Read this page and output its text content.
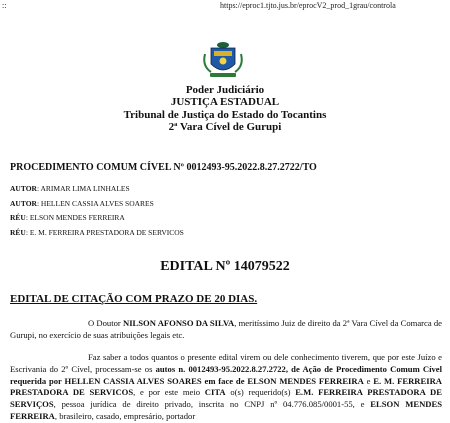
::	https://eproc1.tjto.jus.br/eprocV2_prod_1grau/controla
Poder Judiciário
JUSTIÇA ESTADUAL
Tribunal de Justiça do Estado do Tocantins
2ª Vara Cível de Gurupi
PROCEDIMENTO COMUM CÍVEL Nº 0012493-95.2022.8.27.2722/TO
AUTOR: ARIMAR LIMA LINHALES
AUTOR: HELLEN CASSIA ALVES SOARES
RÉU: ELSON MENDES FERREIRA
RÉU: E. M. FERREIRA PRESTADORA DE SERVICOS
EDITAL Nº 14079522
EDITAL DE CITAÇÃO COM PRAZO DE 20 DIAS.
O Doutor NILSON AFONSO DA SILVA, meritíssimo Juiz de direito da 2ª Vara Cível da Comarca de Gurupi, no exercício de suas atribuições legais etc.
Faz saber a todos quantos o presente edital virem ou dele conhecimento tiverem, que por este Juízo e Escrivania do 2º Cível, processam-se os autos n. 0012493-95.2022.8.27.2722, de Ação de Procedimento Comum Cível requerida por HELLEN CASSIA ALVES SOARES em face de ELSON MENDES FERREIRA e E. M. FERREIRA PRESTADORA DE SERVICOS, e por este meio CITA o(s) requerido(s) E.M. FERREIRA PRESTADORA DE SERVIÇOS, pessoa jurídica de direito privado, inscrita no CNPJ nº 04.776.085/0001-55, e ELSON MENDES FERREIRA, brasileiro, casado, empresário, portador
